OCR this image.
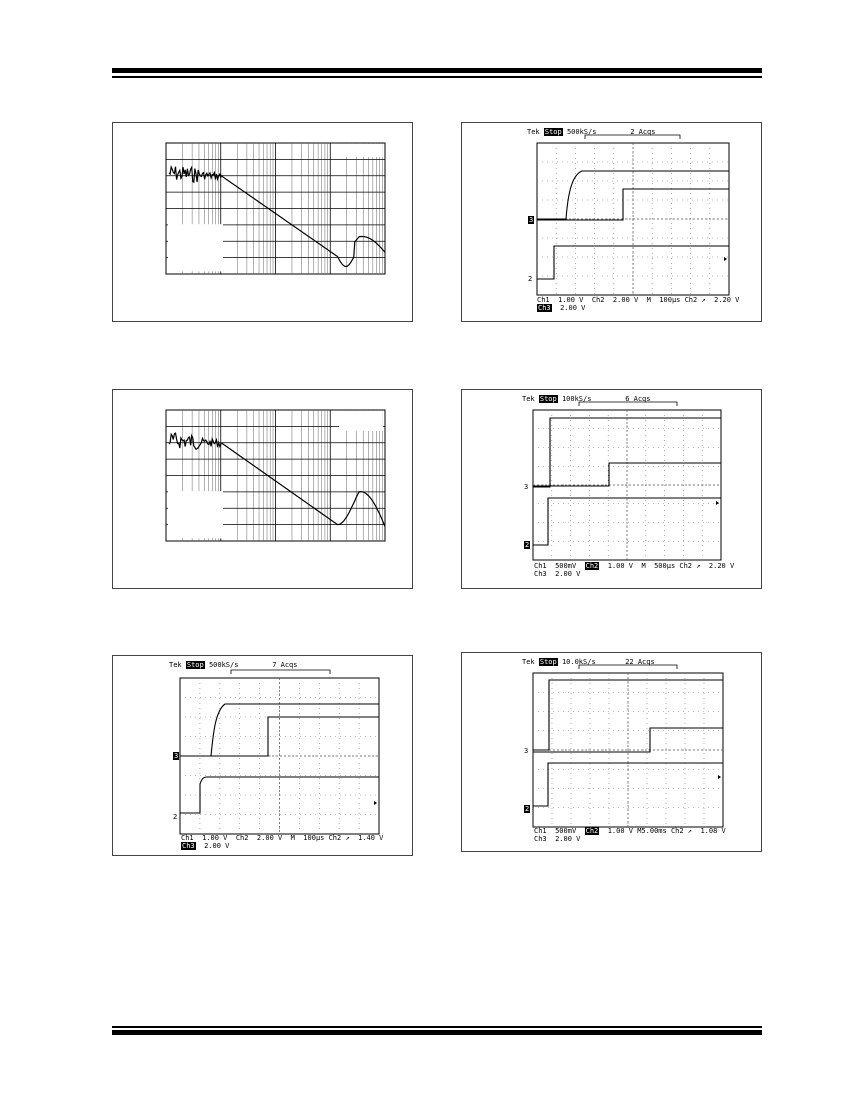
Tek Stop 500kS/s	7 Acqs
Ch1 1.00 V Ch2 2.00 V M  100µs Ch2 ↗ 1.40 V
Ch3 2.00 V
3
2
Tek Stop 500kS/s	2 Acqs
Ch1 1.00 V Ch2 2.00 V M  100µs Ch2 ↗ 2.20 V
Ch3 2.00 V
3
2
Tek Stop 100kS/s	6 Acqs
Ch1 500mV Ch2 1.00 V M  500µs Ch2 ↗ 2.20 V
Ch3 2.00 V
3
2
Tek Stop 10.0kS/s	22 Acqs
Ch1 500mV Ch2 1.00 V M5.00ms Ch2 ↗ 1.08 V
Ch3 2.00 V
3
2
